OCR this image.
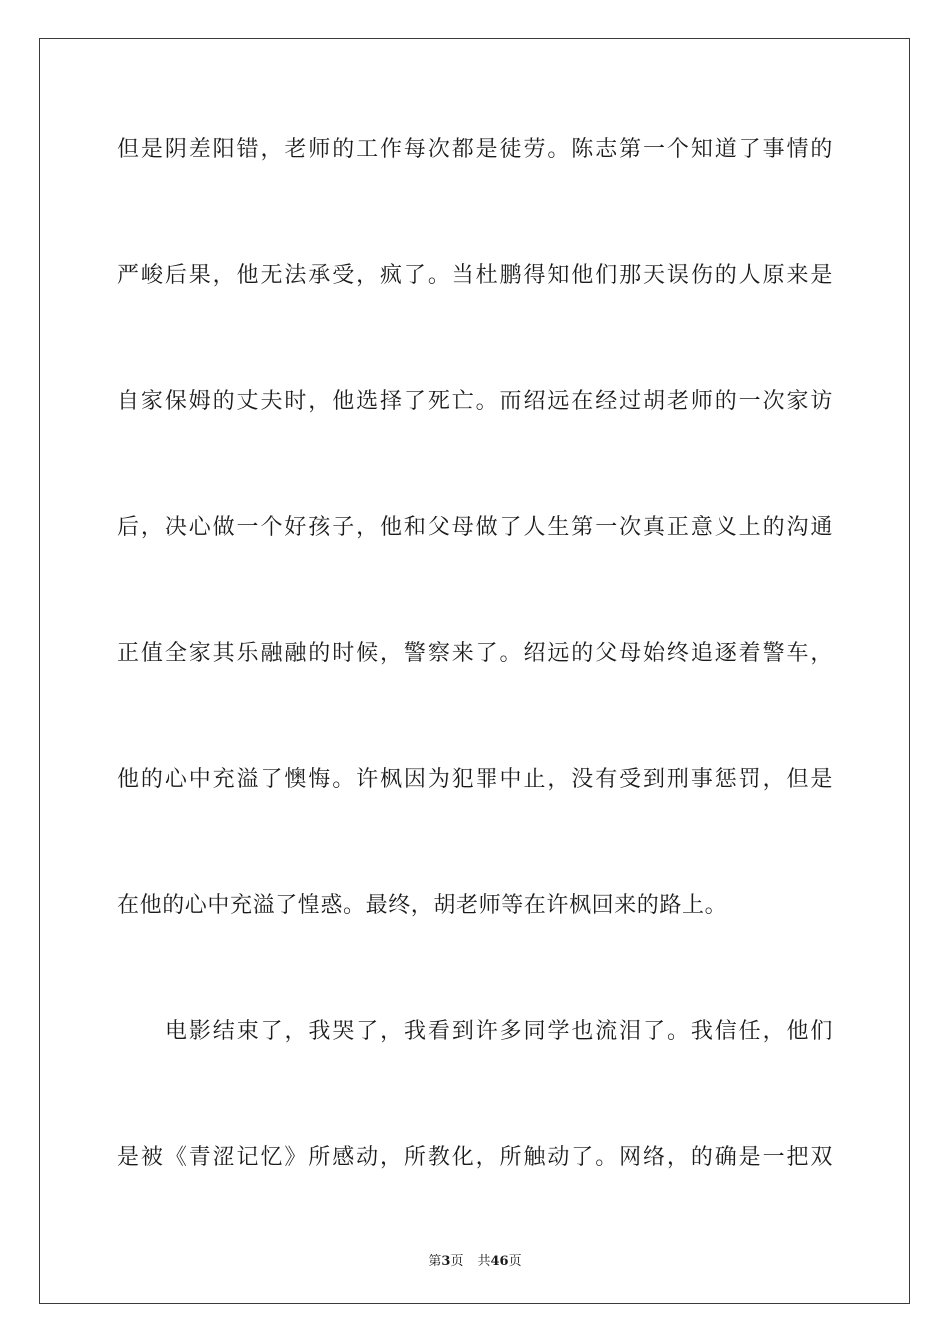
但是阴差阳错，老师的工作每次都是徒劳。陈志第一个知道了事情的
严峻后果，他无法承受，疯了。当杜鹏得知他们那天误伤的人原来是
自家保姆的丈夫时，他选择了死亡。而绍远在经过胡老师的一次家访
后，决心做一个好孩子，他和父母做了人生第一次真正意义上的沟通
正值全家其乐融融的时候，警察来了。绍远的父母始终追逐着警车，
他的心中充溢了懊悔。许枫因为犯罪中止，没有受到刑事惩罚，但是
在他的心中充溢了惶惑。最终，胡老师等在许枫回来的路上。
电影结束了，我哭了，我看到许多同学也流泪了。我信任，他们
是被《青涩记忆》所感动，所教化，所触动了。网络，的确是一把双
第3页 共46页
